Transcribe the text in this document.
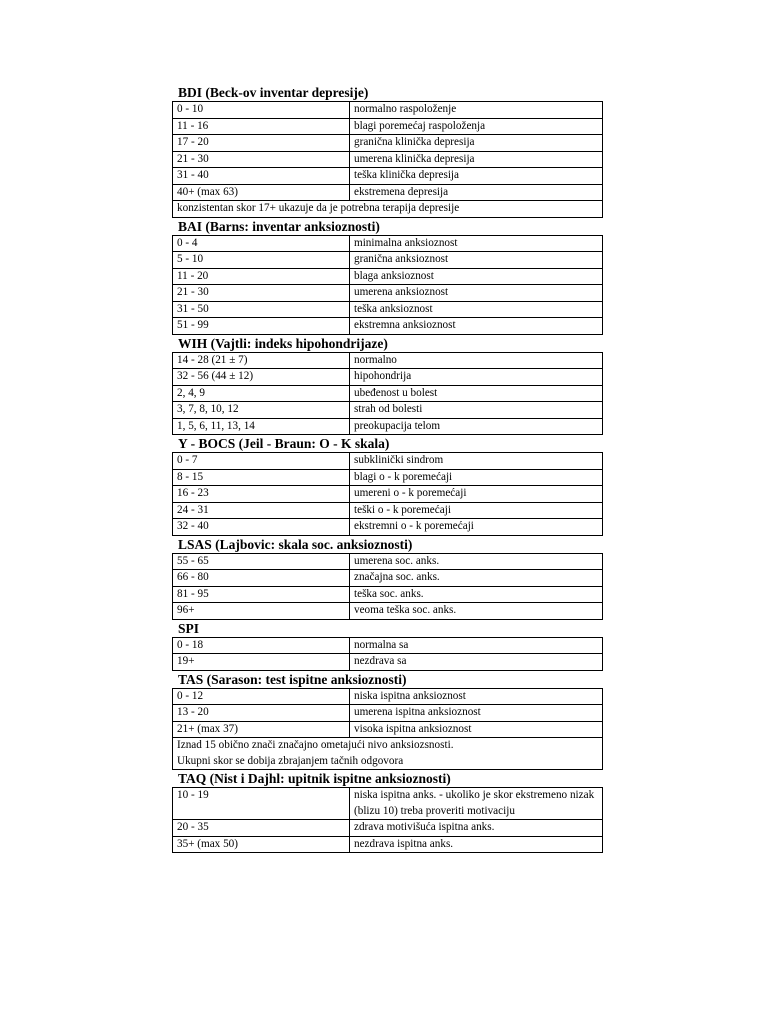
BDI (Beck-ov inventar depresije)
0 - 10	normalno raspoloženje
11 - 16	blagi poremećaj raspoloženja
17 - 20	granična klinička depresija
21 - 30	umerena klinička depresija
31 - 40	teška klinička depresija
40+ (max 63)	ekstremena depresija
konzistentan skor 17+ ukazuje da je potrebna terapija depresije	
BAI (Barns: inventar anksioznosti)
0 - 4	minimalna anksioznost
5 - 10	granična anksioznost
11 - 20	blaga anksioznost
21 - 30	umerena anksioznost
31 - 50	teška anksioznost
51 - 99	ekstremna anksioznost
WIH (Vajtli: indeks hipohondrijaze)
14 - 28 (21 ± 7)	normalno
32 - 56 (44 ± 12)	hipohondrija
2, 4, 9	ubeđenost u bolest
3, 7, 8, 10, 12	strah od bolesti
1, 5, 6, 11, 13, 14	preokupacija telom
Y - BOCS (Jeil - Braun: O - K skala)
0 - 7	subklinički sindrom
8 - 15	blagi o - k poremećaji
16 - 23	umereni o - k poremećaji
24 - 31	teški o - k poremećaji
32 - 40	ekstremni o - k poremećaji
LSAS (Lajbovic: skala soc. anksioznosti)
55 - 65	umerena soc. anks.
66 - 80	značajna soc. anks.
81 - 95	teška soc. anks.
96+	veoma teška soc. anks.
SPI
0 - 18	normalna sa
19+	nezdrava sa
TAS (Sarason: test ispitne anksioznosti)
0 - 12	niska ispitna anksioznost
13 - 20	umerena ispitna anksioznost
21+ (max 37)	visoka ispitna anksioznost
Iznad 15 obično znači značajno ometajući nivo anksiozsnosti.
Ukupni skor se dobija zbrajanjem tačnih odgovora	
TAQ (Nist i Dajhl: upitnik ispitne anksioznosti)
10 - 19	niska ispitna anks. - ukoliko je skor ekstremeno nizak (blizu 10) treba proveriti motivaciju
20 - 35	zdrava motivišuća ispitna anks.
35+ (max 50)	nezdrava ispitna anks.
